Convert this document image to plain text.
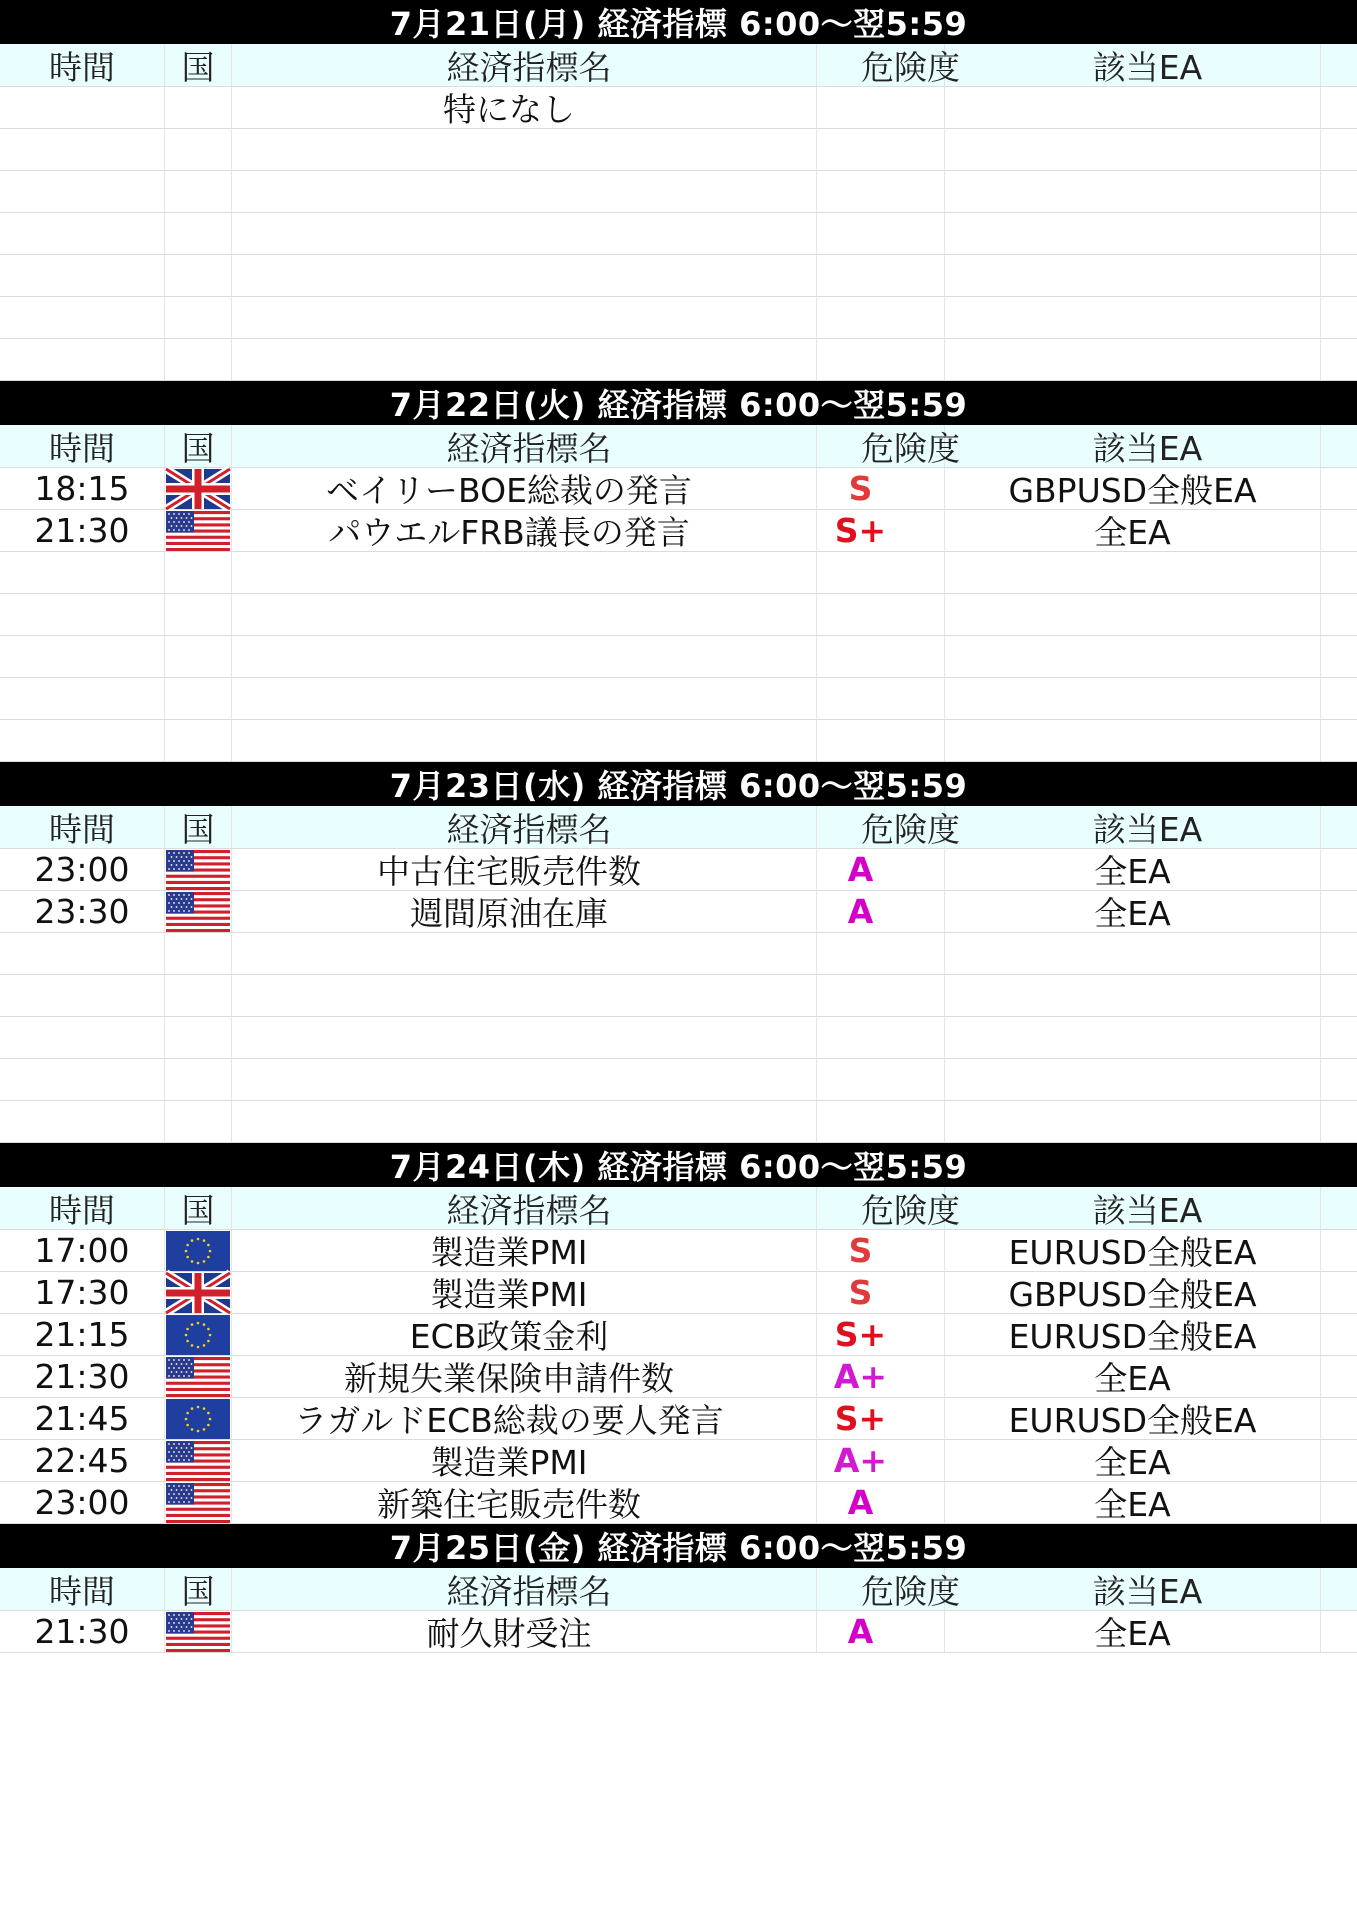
7月21日(月) 経済指標 6:00〜翌5:59
時間	国	経済指標名	危険度	該当EA
特になし
7月22日(火) 経済指標 6:00〜翌5:59
時間	国	経済指標名	危険度	該当EA
18:15	ベイリーBOE総裁の発言	S	GBPUSD全般EA
21:30	パウエルFRB議長の発言	S+	全EA
7月23日(水) 経済指標 6:00〜翌5:59
時間	国	経済指標名	危険度	該当EA
23:00	中古住宅販売件数	A	全EA
23:30	週間原油在庫	A	全EA
7月24日(木) 経済指標 6:00〜翌5:59
時間	国	経済指標名	危険度	該当EA
17:00	製造業PMI	S	EURUSD全般EA
17:30	製造業PMI	S	GBPUSD全般EA
21:15	ECB政策金利	S+	EURUSD全般EA
21:30	新規失業保険申請件数	A+	全EA
21:45	ラガルドECB総裁の要人発言	S+	EURUSD全般EA
22:45	製造業PMI	A+	全EA
23:00	新築住宅販売件数	A	全EA
7月25日(金) 経済指標 6:00〜翌5:59
時間	国	経済指標名	危険度	該当EA
21:30	耐久財受注	A	全EA
